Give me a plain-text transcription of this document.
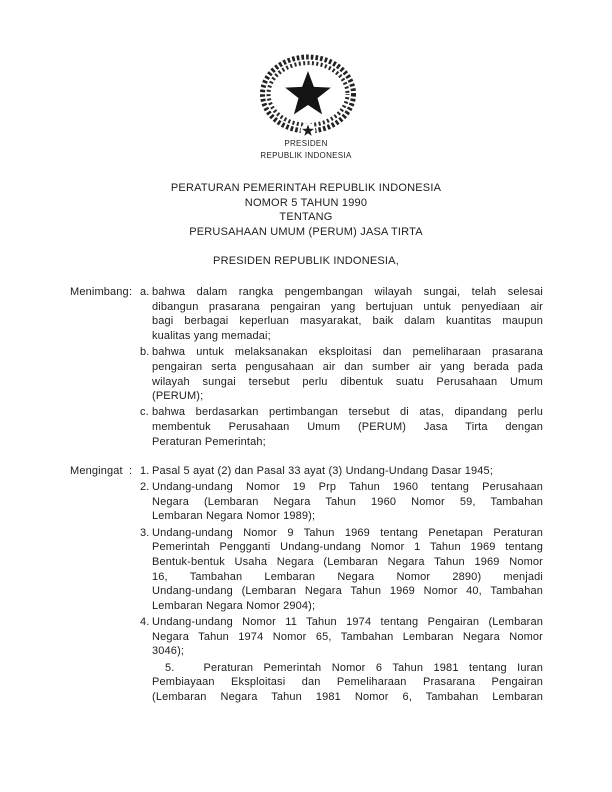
PRESIDEN
REPUBLIK INDONESIA
PERATURAN PEMERINTAH REPUBLIK INDONESIA
NOMOR 5 TAHUN 1990
TENTANG
PERUSAHAAN UMUM (PERUM) JASA TIRTA
PRESIDEN REPUBLIK INDONESIA,
Menimbang : a. bahwa dalam rangka pengembangan wilayah sungai, telah selesai
dibangun prasarana pengairan yang bertujuan untuk penyediaan air
bagi berbagai keperluan masyarakat, baik dalam kuantitas maupun
kualitas yang memadai;
b. bahwa untuk melaksanakan eksploitasi dan pemeliharaan prasarana
pengairan serta pengusahaan air dan sumber air yang berada pada
wilayah sungai tersebut perlu dibentuk suatu Perusahaan Umum
(PERUM);
c. bahwa berdasarkan pertimbangan tersebut di atas, dipandang perlu
membentuk Perusahaan Umum (PERUM) Jasa Tirta dengan
Peraturan Pemerintah;
Mengingat : 1. Pasal 5 ayat (2) dan Pasal 33 ayat (3) Undang-Undang Dasar 1945;
2. Undang-undang Nomor 19 Prp Tahun 1960 tentang Perusahaan
Negara (Lembaran Negara Tahun 1960 Nomor 59, Tambahan
Lembaran Negara Nomor 1989);
3. Undang-undang Nomor 9 Tahun 1969 tentang Penetapan Peraturan
Pemerintah Pengganti Undang-undang Nomor 1 Tahun 1969 tentang
Bentuk-bentuk Usaha Negara (Lembaran Negara Tahun 1969 Nomor
16, Tambahan Lembaran Negara Nomor 2890) menjadi
Undang-undang (Lembaran Negara Tahun 1969 Nomor 40, Tambahan
Lembaran Negara Nomor 2904);
4. Undang-undang Nomor 11 Tahun 1974 tentang Pengairan (Lembaran
Negara Tahun 1974 Nomor 65, Tambahan Lembaran Negara Nomor
3046);
5.	Peraturan Pemerintah Nomor 6 Tahun 1981 tentang Iuran
Pembiayaan Eksploitasi dan Pemeliharaan Prasarana Pengairan
(Lembaran Negara Tahun 1981 Nomor 6, Tambahan Lembaran
